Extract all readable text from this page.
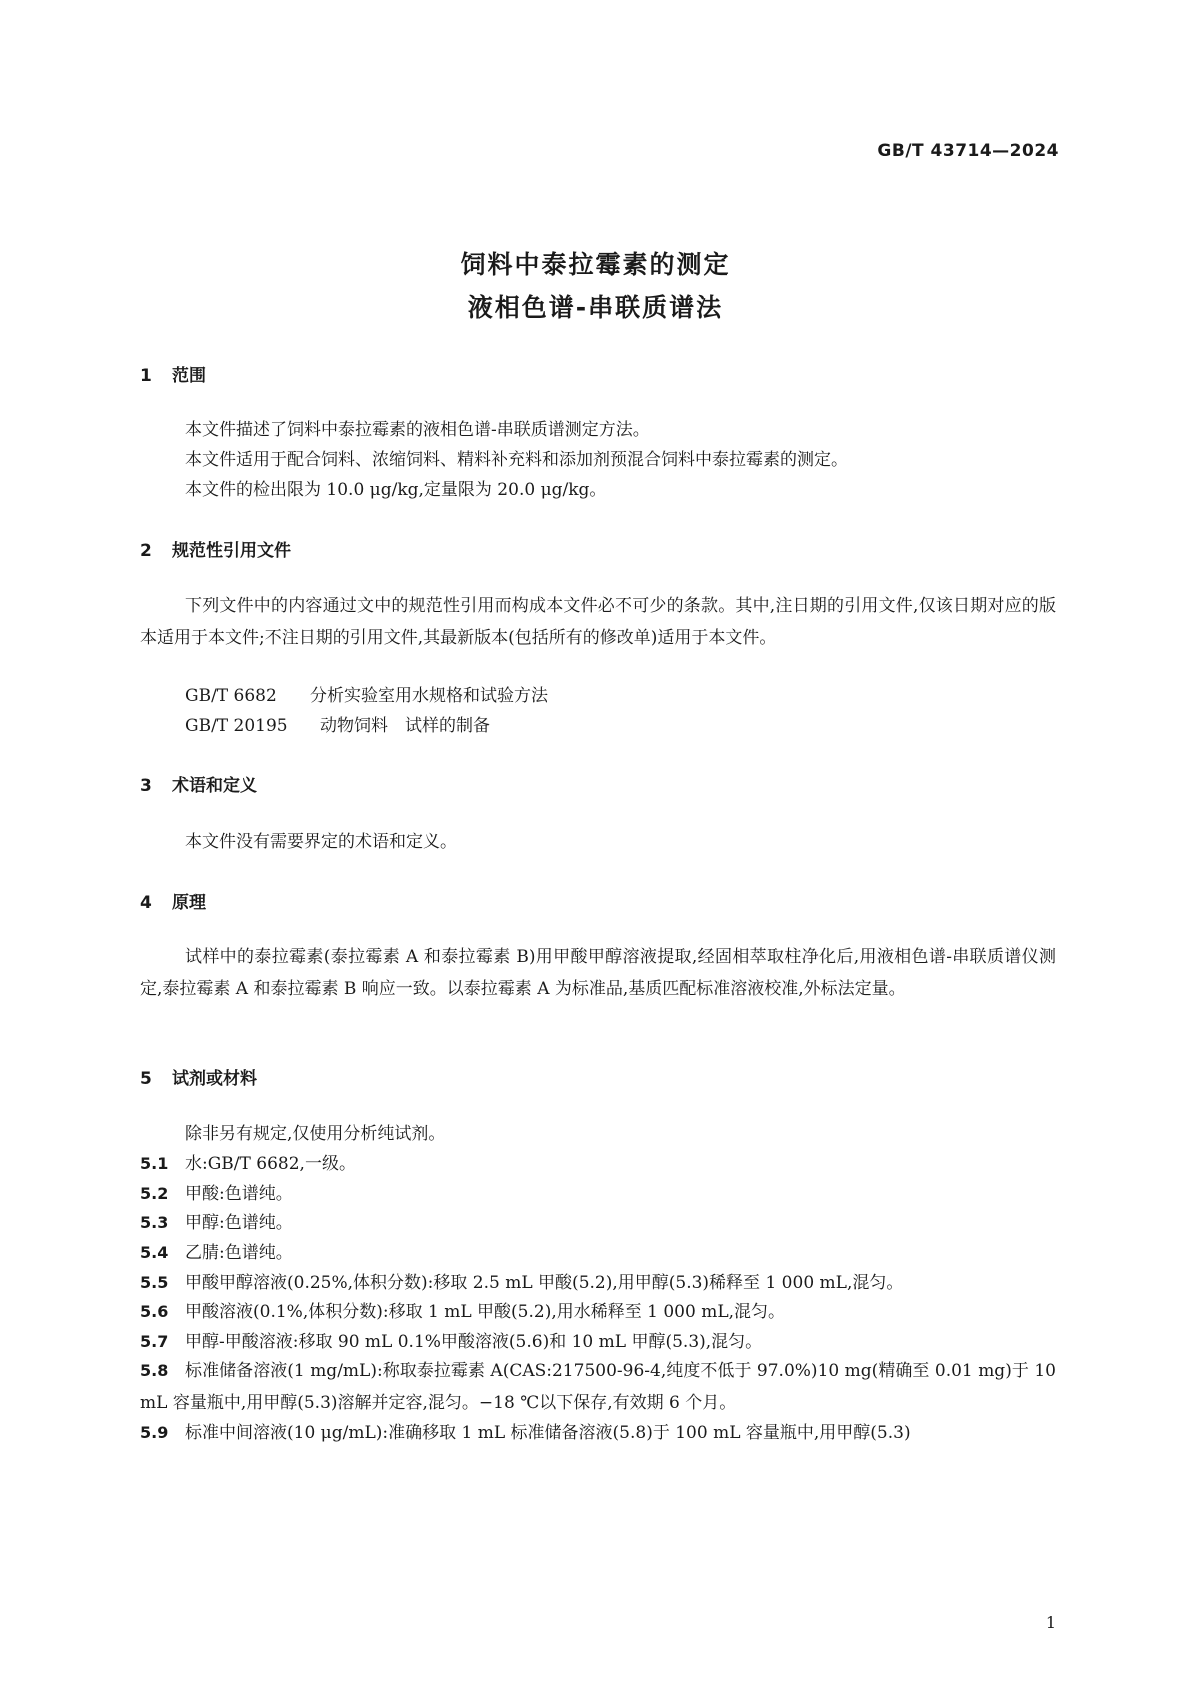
GB/T 43714—2024
饲料中泰拉霉素的测定
液相色谱-串联质谱法
1 范围
本文件描述了饲料中泰拉霉素的液相色谱-串联质谱测定方法。
本文件适用于配合饲料、浓缩饲料、精料补充料和添加剂预混合饲料中泰拉霉素的测定。
本文件的检出限为 10.0 μg/kg,定量限为 20.0 μg/kg。
2 规范性引用文件
下列文件中的内容通过文中的规范性引用而构成本文件必不可少的条款。其中,注日期的引用文件,仅该日期对应的版本适用于本文件;不注日期的引用文件,其最新版本(包括所有的修改单)适用于本文件。
GB/T 6682 分析实验室用水规格和试验方法
GB/T 20195 动物饲料　试样的制备
3 术语和定义
本文件没有需要界定的术语和定义。
4 原理
试样中的泰拉霉素(泰拉霉素 A 和泰拉霉素 B)用甲酸甲醇溶液提取,经固相萃取柱净化后,用液相色谱-串联质谱仪测定,泰拉霉素 A 和泰拉霉素 B 响应一致。以泰拉霉素 A 为标准品,基质匹配标准溶液校准,外标法定量。
5 试剂或材料
除非另有规定,仅使用分析纯试剂。
5.1 水:GB/T 6682,一级。
5.2 甲酸:色谱纯。
5.3 甲醇:色谱纯。
5.4 乙腈:色谱纯。
5.5 甲酸甲醇溶液(0.25%,体积分数):移取 2.5 mL 甲酸(5.2),用甲醇(5.3)稀释至 1 000 mL,混匀。
5.6 甲酸溶液(0.1%,体积分数):移取 1 mL 甲酸(5.2),用水稀释至 1 000 mL,混匀。
5.7 甲醇-甲酸溶液:移取 90 mL 0.1%甲酸溶液(5.6)和 10 mL 甲醇(5.3),混匀。
5.8 标准储备溶液(1 mg/mL):称取泰拉霉素 A(CAS:217500-96-4,纯度不低于 97.0%)10 mg(精确至 0.01 mg)于 10 mL 容量瓶中,用甲醇(5.3)溶解并定容,混匀。−18 ℃以下保存,有效期 6 个月。
5.9 标准中间溶液(10 μg/mL):准确移取 1 mL 标准储备溶液(5.8)于 100 mL 容量瓶中,用甲醇(5.3)
1
